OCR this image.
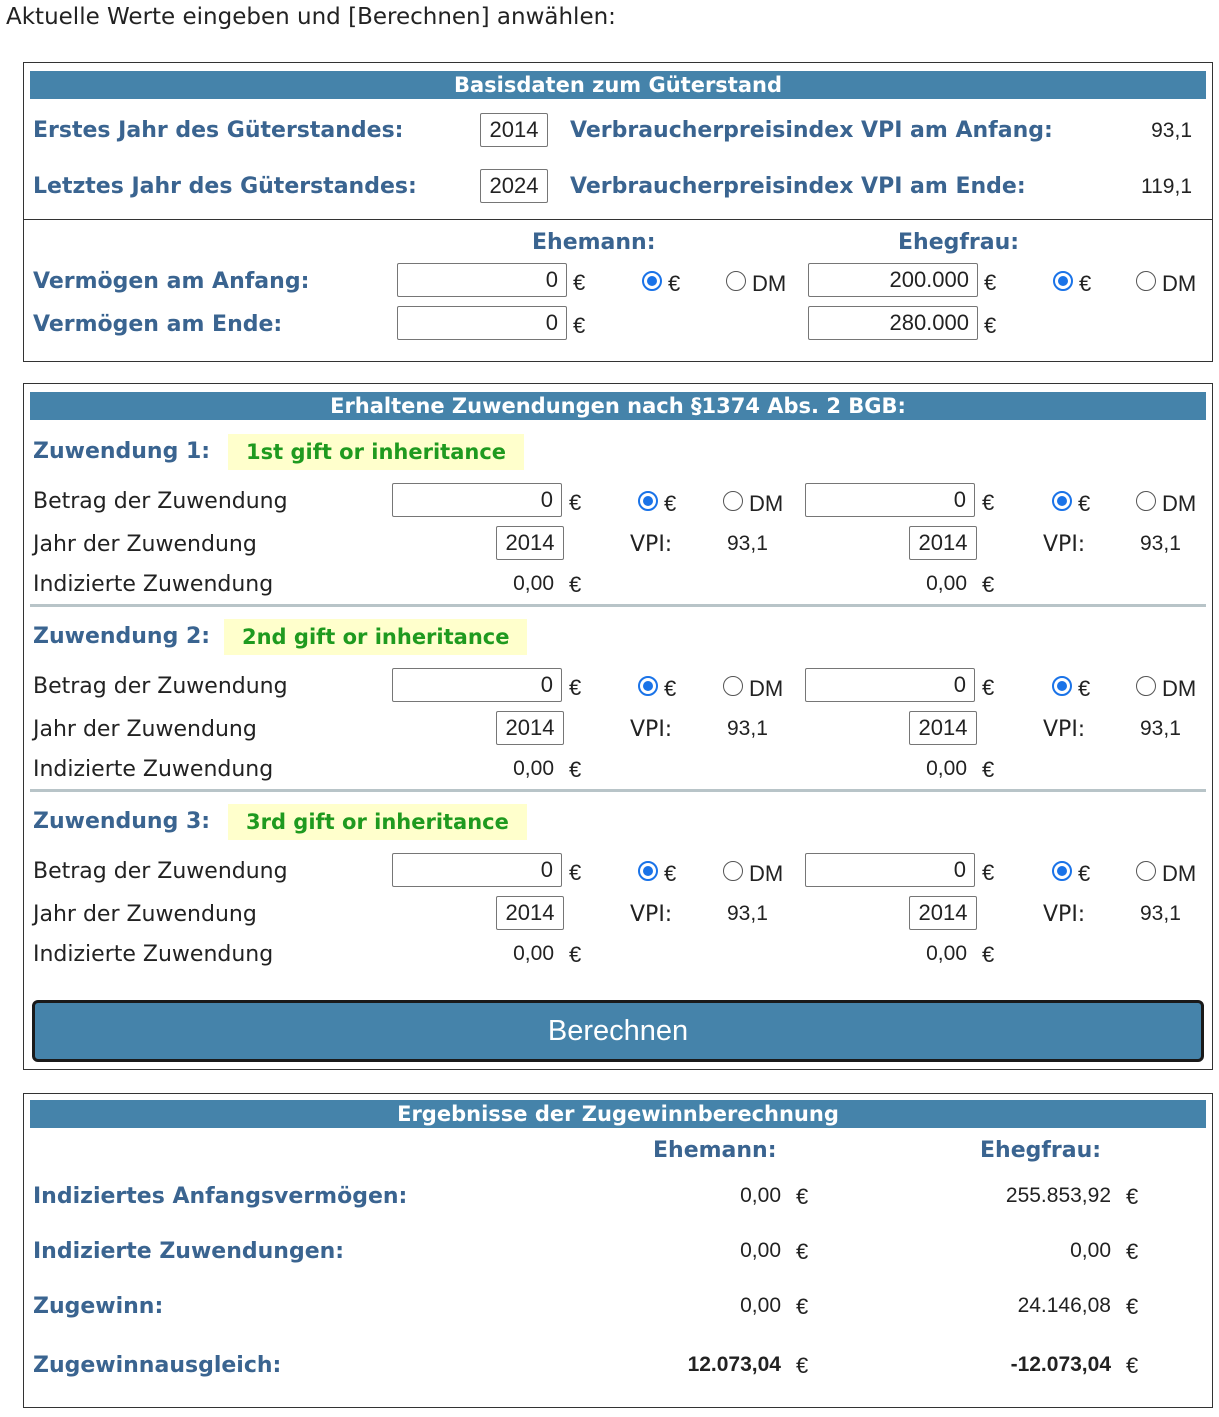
Aktuelle Werte eingeben und [Berechnen] anwählen:
Basisdaten zum Güterstand
Erstes Jahr des Güterstandes:	2014	Verbraucherpreisindex VPI am Anfang:	93,1
Letztes Jahr des Güterstandes:	2024	Verbraucherpreisindex VPI am Ende:	119,1
Ehemann:	Ehegfrau:
Vermögen am Anfang:	0 €	€	DM	200.000 €	€	DM
Vermögen am Ende:	0 €	280.000 €
Erhaltene Zuwendungen nach §1374 Abs. 2 BGB:
Zuwendung 1:	1st gift or inheritance
Betrag der Zuwendung	0 €	€	DM	0 €	€	DM
Jahr der Zuwendung	2014	VPI:	93,1	2014	VPI:	93,1
Indizierte Zuwendung	0,00 €	0,00 €
Zuwendung 2:	2nd gift or inheritance
Betrag der Zuwendung	0 €	€	DM	0 €	€	DM
Jahr der Zuwendung	2014	VPI:	93,1	2014	VPI:	93,1
Indizierte Zuwendung	0,00 €	0,00 €
Zuwendung 3:	3rd gift or inheritance
Betrag der Zuwendung	0 €	€	DM	0 €	€	DM
Jahr der Zuwendung	2014	VPI:	93,1	2014	VPI:	93,1
Indizierte Zuwendung	0,00 €	0,00 €
Berechnen
Ergebnisse der Zugewinnberechnung
Ehemann:	Ehegfrau:
Indiziertes Anfangsvermögen:	0,00 €	255.853,92 €
Indizierte Zuwendungen:	0,00 €	0,00 €
Zugewinn:	0,00 €	24.146,08 €
Zugewinnausgleich:	12.073,04 €	-12.073,04 €
